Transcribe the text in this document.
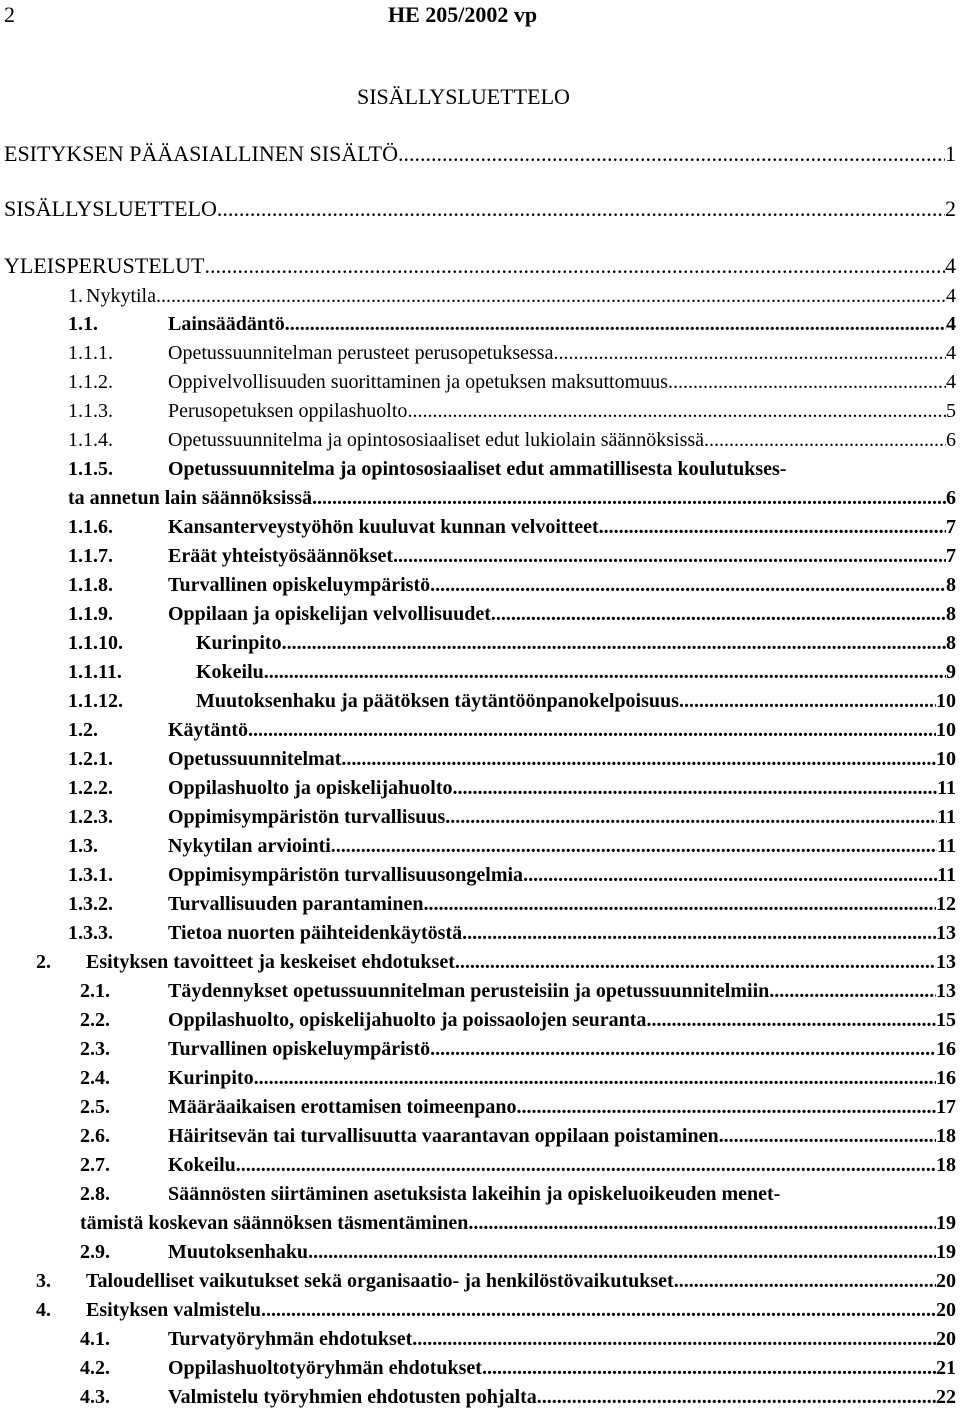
2	HE 205/2002 vp
SISÄLLYSLUETTELO
ESITYKSEN PÄÄASIALLINEN SISÄLTÖ .....	1
SISÄLLYSLUETTELO .....	2
YLEISPERUSTELUT .....	4
1. Nykytila .....	4
1.1.	Lainsäädäntö .....	4
1.1.1.	Opetussuunnitelman perusteet perusopetuksessa .....	4
1.1.2.	Oppivelvollisuuden suorittaminen ja opetuksen maksuttomuus .....	4
1.1.3.	Perusopetuksen oppilashuolto .....	5
1.1.4.	Opetussuunnitelma ja opintososiaaliset edut lukiolain säännöksissä .....	6
1.1.5.	Opetussuunnitelma ja opintososiaaliset edut ammatillisesta koulutukses-
ta annetun lain säännöksissä .....	6
1.1.6.	Kansanterveystyöhön kuuluvat kunnan velvoitteet .....	7
1.1.7.	Eräät yhteistyösäännökset .....	7
1.1.8.	Turvallinen opiskeluympäristö .....	8
1.1.9.	Oppilaan ja opiskelijan velvollisuudet .....	8
1.1.10.	Kurinpito .....	8
1.1.11.	Kokeilu .....	9
1.1.12.	Muutoksenhaku ja päätöksen täytäntöönpanokelpoisuus .....	10
1.2.	Käytäntö .....	10
1.2.1.	Opetussuunnitelmat .....	10
1.2.2.	Oppilashuolto ja opiskelijahuolto .....	11
1.2.3.	Oppimisympäristön turvallisuus .....	11
1.3.	Nykytilan arviointi .....	11
1.3.1.	Oppimisympäristön turvallisuusongelmia .....	11
1.3.2.	Turvallisuuden parantaminen .....	12
1.3.3.	Tietoa nuorten päihteidenkäytöstä .....	13
2. Esityksen tavoitteet ja keskeiset ehdotukset .....	13
2.1.	Täydennykset opetussuunnitelman perusteisiin ja opetussuunnitelmiin .....	13
2.2.	Oppilashuolto, opiskelijahuolto ja poissaolojen seuranta .....	15
2.3.	Turvallinen opiskeluympäristö .....	16
2.4.	Kurinpito .....	16
2.5.	Määräaikaisen erottamisen toimeenpano .....	17
2.6.	Häiritsevän tai turvallisuutta vaarantavan oppilaan poistaminen .....	18
2.7.	Kokeilu .....	18
2.8.	Säännösten siirtäminen asetuksista lakeihin ja opiskeluoikeuden menet-
tämistä koskevan säännöksen täsmentäminen .....	19
2.9.	Muutoksenhaku .....	19
3. Taloudelliset vaikutukset sekä organisaatio- ja henkilöstövaikutukset .....	20
4. Esityksen valmistelu .....	20
4.1.	Turvatyöryhmän ehdotukset .....	20
4.2.	Oppilashuoltotyöryhmän ehdotukset .....	21
4.3.	Valmistelu työryhmien ehdotusten pohjalta .....	22
